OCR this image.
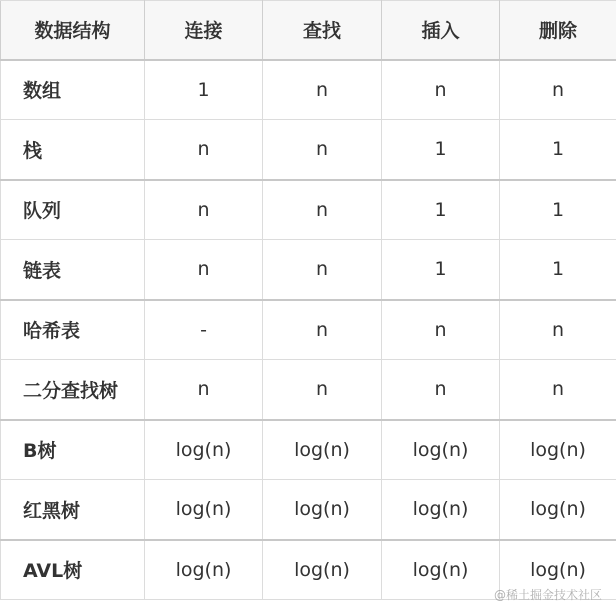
数据结构	连接	查找	插入	删除
数组	1	n	n	n
栈	n	n	1	1
队列	n	n	1	1
链表	n	n	1	1
哈希表	-	n	n	n
二分查找树	n	n	n	n
B树	log(n)	log(n)	log(n)	log(n)
红黑树	log(n)	log(n)	log(n)	log(n)
AVL树	log(n)	log(n)	log(n)	log(n)
@稀土掘金技术社区
